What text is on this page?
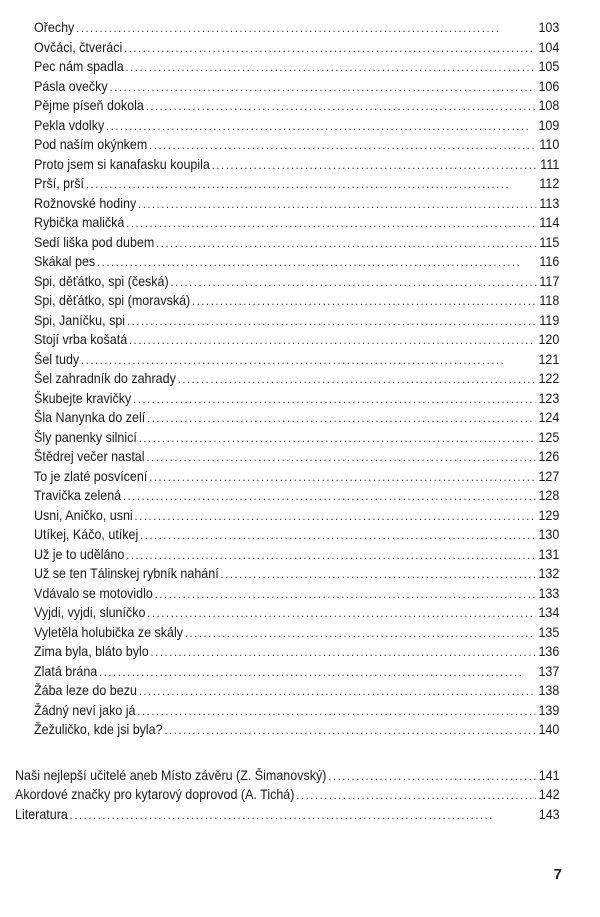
Ořechy . . .	103
Ovčáci, čtveráci . . .	104
Pec nám spadla . . .	105
Pásla ovečky . . .	106
Pějme píseň dokola . . .	108
Pekla vdolky . . .	109
Pod naším okýnkem . . .	110
Proto jsem si kanafasku koupila . . .	111
Prší, prší . . .	112
Rožnovské hodiny . . .	113
Rybička maličká . . .	114
Sedí liška pod dubem . . .	115
Skákal pes . . .	116
Spi, děťátko, spi (česká) . . .	117
Spi, děťátko, spi (moravská) . . .	118
Spi, Janíčku, spi . . .	119
Stojí vrba košatá . . .	120
Šel tudy . . .	121
Šel zahradník do zahrady . . .	122
Škubejte kravičky . . .	123
Šla Nanynka do zelí . . .	124
Šly panenky silnicí . . .	125
Štědrej večer nastal . . .	126
To je zlaté posvícení . . .	127
Travička zelená . . .	128
Usni, Aničko, usni . . .	129
Utíkej, Káčo, utíkej . . .	130
Už je to uděláno . . .	131
Už se ten Tálinskej rybník nahání . . .	132
Vdávalo se motovidlo . . .	133
Vyjdi, vyjdi, sluníčko . . .	134
Vyletěla holubička ze skály . . .	135
Zima byla, bláto bylo . . .	136
Zlatá brána . . .	137
Žába leze do bezu . . .	138
Žádný neví jako já . . .	139
Žežuličko, kde jsi byla? . . .	140
Naši nejlepší učitelé aneb Místo závěru (Z. Šimanovský) . . .	141
Akordové značky pro kytarový doprovod (A. Tichá) . . .	142
Literatura . . .	143
7
